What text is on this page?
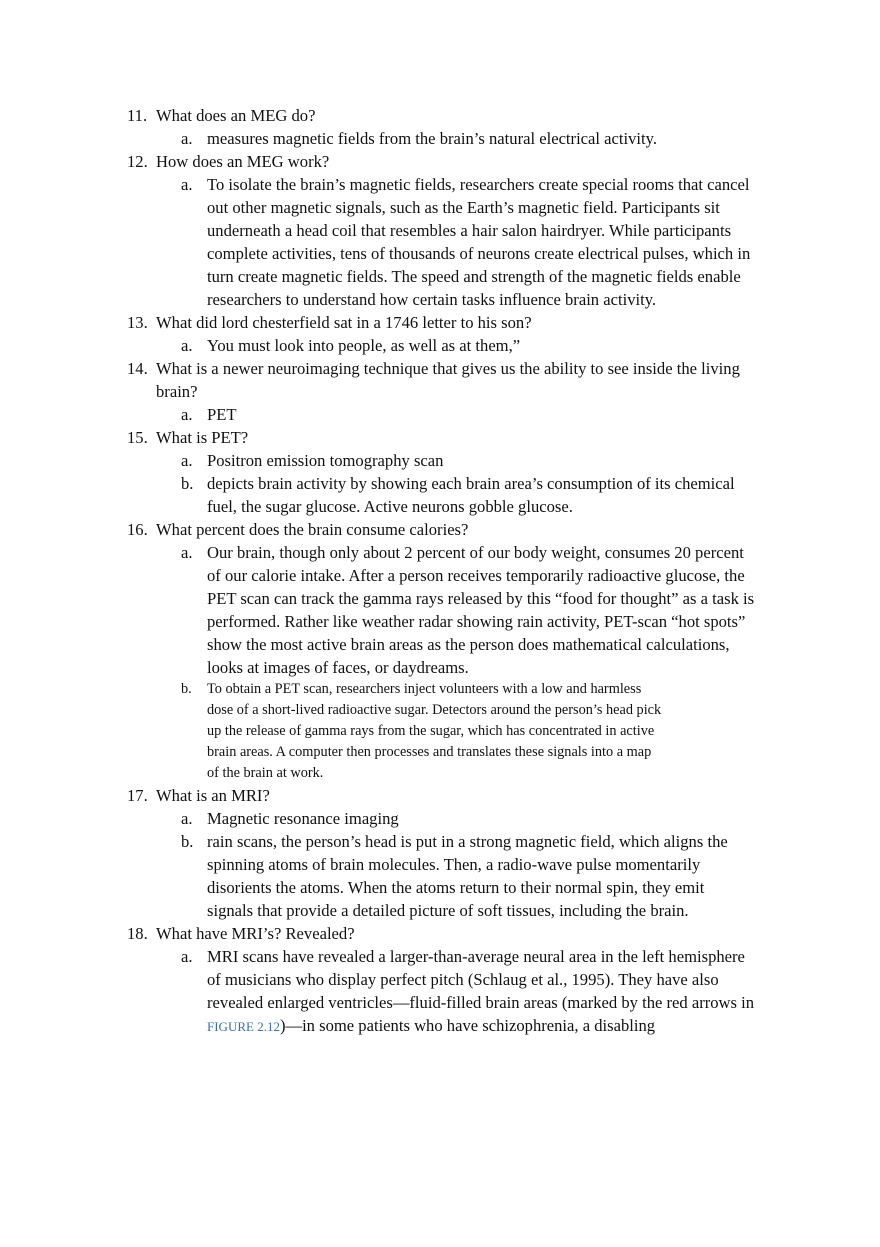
11. What does an MEG do?
a. measures magnetic fields from the brain’s natural electrical activity.
12. How does an MEG work?
a. To isolate the brain’s magnetic fields, researchers create special rooms that cancel
out other magnetic signals, such as the Earth’s magnetic field. Participants sit
underneath a head coil that resembles a hair salon hairdryer. While participants
complete activities, tens of thousands of neurons create electrical pulses, which in
turn create magnetic fields. The speed and strength of the magnetic fields enable
researchers to understand how certain tasks influence brain activity.
13. What did lord chesterfield sat in a 1746 letter to his son?
a. You must look into people, as well as at them,”
14. What is a newer neuroimaging technique that gives us the ability to see inside the living
brain?
a. PET
15. What is PET?
a. Positron emission tomography scan
b. depicts brain activity by showing each brain area’s consumption of its chemical
fuel, the sugar glucose. Active neurons gobble glucose.
16. What percent does the brain consume calories?
a. Our brain, though only about 2 percent of our body weight, consumes 20 percent
of our calorie intake. After a person receives temporarily radioactive glucose, the
PET scan can track the gamma rays released by this “food for thought” as a task is
performed. Rather like weather radar showing rain activity, PET-scan “hot spots”
show the most active brain areas as the person does mathematical calculations,
looks at images of faces, or daydreams.
b. To obtain a PET scan, researchers inject volunteers with a low and harmless
dose of a short-lived radioactive sugar. Detectors around the person’s head pick
up the release of gamma rays from the sugar, which has concentrated in active
brain areas. A computer then processes and translates these signals into a map
of the brain at work.
17. What is an MRI?
a. Magnetic resonance imaging
b. rain scans, the person’s head is put in a strong magnetic field, which aligns the
spinning atoms of brain molecules. Then, a radio-wave pulse momentarily
disorients the atoms. When the atoms return to their normal spin, they emit
signals that provide a detailed picture of soft tissues, including the brain.
18. What have MRI’s? Revealed?
a. MRI scans have revealed a larger-than-average neural area in the left hemisphere
of musicians who display perfect pitch (Schlaug et al., 1995). They have also
revealed enlarged ventricles—fluid-filled brain areas (marked by the red arrows in
FIGURE 2.12)—in some patients who have schizophrenia, a disabling
